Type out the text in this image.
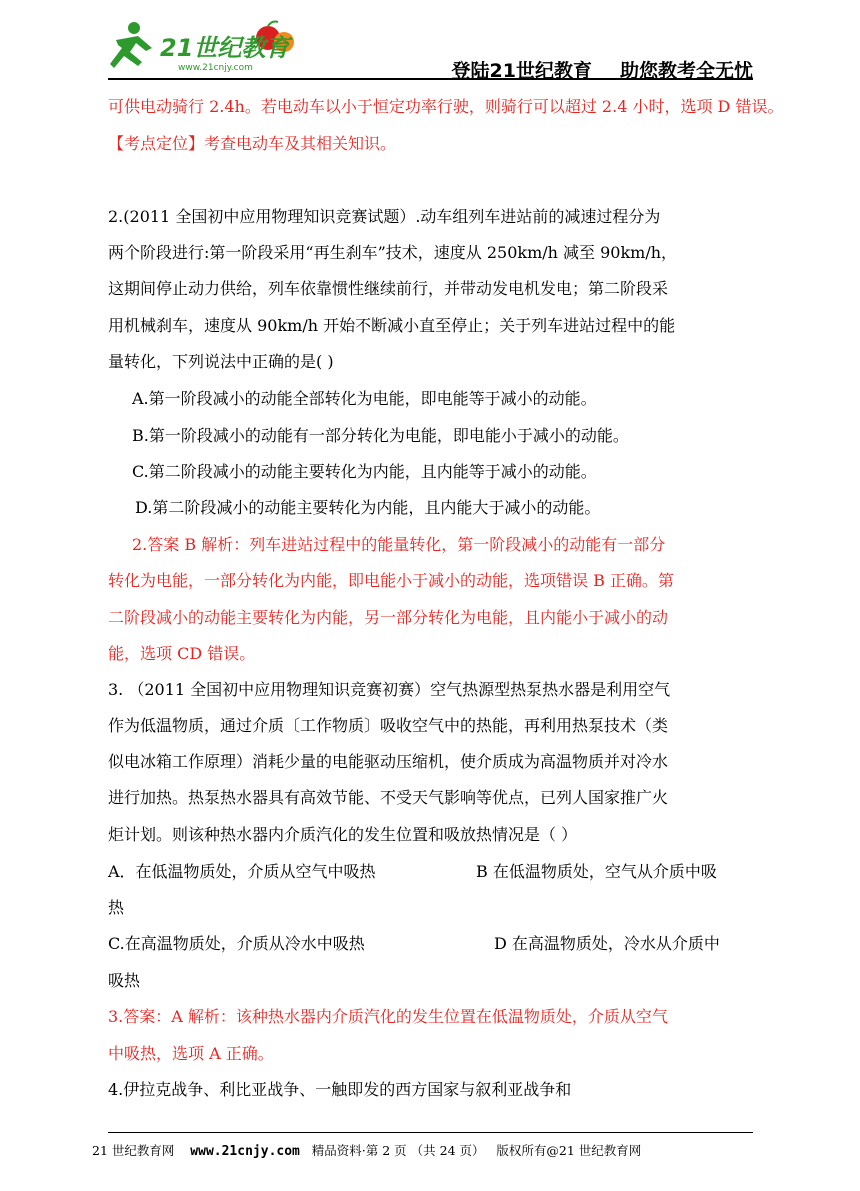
21世纪教育
www.21cnjy.com	登陆21世纪教育 助您教考全无忧
可供电动骑行 2.4h。若电动车以小于恒定功率行驶，则骑行可以超过 2.4 小时，选项 D 错误。
【考点定位】考查电动车及其相关知识。
2.(2011 全国初中应用物理知识竞赛试题）.动车组列车进站前的减速过程分为
两个阶段进行:第一阶段采用“再生刹车”技术，速度从 250km/h 减至 90km/h，
这期间停止动力供给，列车依靠惯性继续前行，并带动发电机发电；第二阶段采
用机械刹车，速度从 90km/h 开始不断减小直至停止；关于列车进站过程中的能
量转化，下列说法中正确的是( )
A.第一阶段减小的动能全部转化为电能，即电能等于减小的动能。
B.第一阶段减小的动能有一部分转化为电能，即电能小于减小的动能。
C.第二阶段减小的动能主要转化为内能，且内能等于减小的动能。
D.第二阶段减小的动能主要转化为内能，且内能大于减小的动能。
2.答案 B 解析：列车进站过程中的能量转化，第一阶段减小的动能有一部分
转化为电能，一部分转化为内能，即电能小于减小的动能，选项错误 B 正确。第
二阶段减小的动能主要转化为内能，另一部分转化为电能，且内能小于减小的动
能，选项 CD 错误。
3. （2011 全国初中应用物理知识竞赛初赛）空气热源型热泵热水器是利用空气
作为低温物质，通过介质〔工作物质〕吸收空气中的热能，再利用热泵技术（类
似电冰箱工作原理）消耗少量的电能驱动压缩机，使介质成为高温物质并对冷水
进行加热。热泵热水器具有高效节能、不受天气影响等优点，已列人国家推广火
炬计划。则该种热水器内介质汽化的发生位置和吸放热情况是（ ）
A．在低温物质处，介质从空气中吸热	B 在低温物质处，空气从介质中吸
热
C.在高温物质处，介质从冷水中吸热	D 在高温物质处，冷水从介质中
吸热
3.答案：A 解析：该种热水器内介质汽化的发生位置在低温物质处，介质从空气
中吸热，选项 A 正确。
4.伊拉克战争、利比亚战争、一触即发的西方国家与叙利亚战争和
21 世纪教育网 www.21cnjy.com 精品资料·第 2 页 （共 24 页） 版权所有@21 世纪教育网
